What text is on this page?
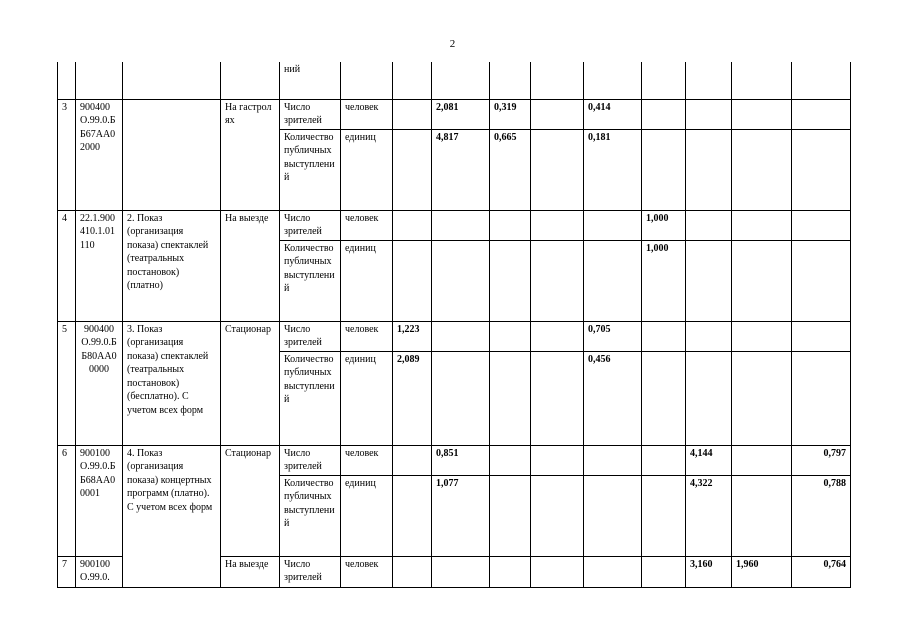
2
				ний										
3	900400О.99.0.ББ67АА02000		На гастролях	Число зрителей	человек		2,081	0,319		0,414				
				Количество публичных выступлений	единиц		4,817	0,665		0,181				
4	22.1.900410.1.01110	2. Показ (организация показа) спектаклей (театральных постановок) (платно)	На выезде	Число зрителей	человек						1,000			
				Количество публичных выступлений	единиц						1,000			
5	900400О.99.0.ББ80АА00000	3. Показ (организация показа) спектаклей (театральных постановок) (бесплатно). С учетом всех форм	Стационар	Число зрителей	человек	1,223				0,705				
				Количество публичных выступлений	единиц	2,089				0,456				
6	900100О.99.0.ББ68АА00001	4. Показ (организация показа) концертных программ (платно). С учетом всех форм	Стационар	Число зрителей	человек		0,851					4,144		0,797
				Количество публичных выступлений	единиц		1,077					4,322		0,788
7	900100О.99.0.		На выезде	Число зрителей	человек							3,160	1,960	0,764
